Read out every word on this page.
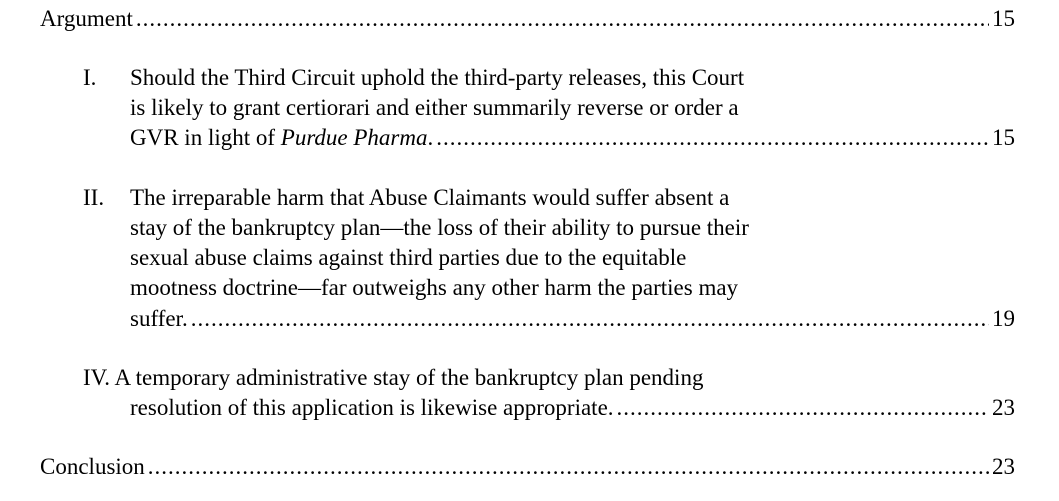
Argument .....	15
I. Should the Third Circuit uphold the third-party releases, this Court
is likely to grant certiorari and either summarily reverse or order a
GVR in light of Purdue Pharma. .....	15
II. The irreparable harm that Abuse Claimants would suffer absent a
stay of the bankruptcy plan—the loss of their ability to pursue their
sexual abuse claims against third parties due to the equitable
mootness doctrine—far outweighs any other harm the parties may
suffer. .....	19
IV. A temporary administrative stay of the bankruptcy plan pending
resolution of this application is likewise appropriate. .....	23
Conclusion .....	23
